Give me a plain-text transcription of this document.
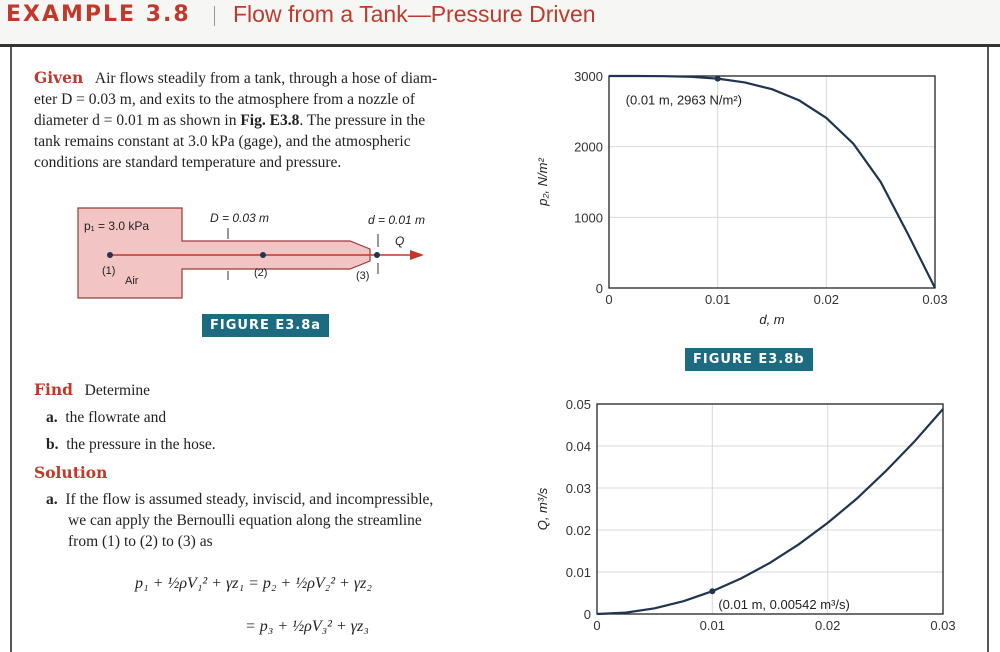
EXAMPLE 3.8 Flow from a Tank—Pressure Driven
Given Air flows steadily from a tank, through a hose of diam-
eter D = 0.03 m, and exits to the atmosphere from a nozzle of
diameter d = 0.01 m as shown in Fig. E3.8. The pressure in the
tank remains constant at 3.0 kPa (gage), and the atmospheric
conditions are standard temperature and pressure.
p₁ = 3.0 kPa
D = 0.03 m	d = 0.01 m
Q
(1)
Air
(2)	(3)
FIGURE E3.8a
Find Determine
a. the flowrate and
b. the pressure in the hose.
Solution
a. If the flow is assumed steady, inviscid, and incompressible,
we can apply the Bernoulli equation along the streamline
from (1) to (2) to (3) as
p₁ + ½ρV₁² + γz₁ = p₂ + ½ρV₂² + γz₂
= p₃ + ½ρV₃² + γz₃
0
1000
2000
3000
0	0.01	0.02	0.03
(0.01 m, 2963 N/m²)
p₂, N/m²
d, m
FIGURE E3.8b
0
0.01
0.02
0.03
0.04
0.05
0	0.01	0.02	0.03
(0.01 m, 0.00542 m³/s)
Q, m³/s
